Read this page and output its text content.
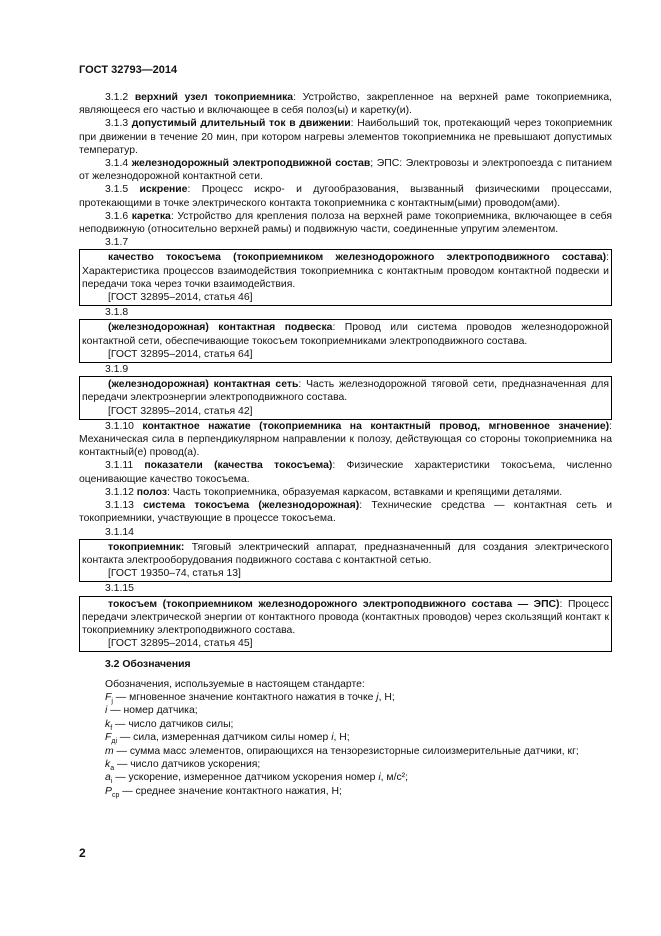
ГОСТ 32793—2014

3.1.2 верхний узел токоприемника: Устройство, закрепленное на верхней раме токоприемника, являющееся его частью и включающее в себя полоз(ы) и каретку(и).

3.1.3 допустимый длительный ток в движении: Наибольший ток, протекающий через токоприемник при движении в течение 20 мин, при котором нагревы элементов токоприемника не превышают допустимых температур.

3.1.4 железнодорожный электроподвижной состав; ЭПС: Электровозы и электропоезда с питанием от железнодорожной контактной сети.

3.1.5 искрение: Процесс искро- и дугообразования, вызванный физическими процессами, протекающими в точке электрического контакта токоприемника с контактным(ыми) проводом(ами).

3.1.6 каретка: Устройство для крепления полоза на верхней раме токоприемника, включающее в себя неподвижную (относительно верхней рамы) и подвижную части, соединенные упругим элементом.

3.1.7

качество токосъема (токоприемником железнодорожного электроподвижного состава): Характеристика процессов взаимодействия токоприемника с контактным проводом контактной подвески и передачи тока через точки взаимодействия.

[ГОСТ 32895–2014, статья 46]
3.1.8

(железнодорожная) контактная подвеска: Провод или система проводов железнодорожной контактной сети, обеспечивающие токосъем токоприемниками электроподвижного состава.

[ГОСТ 32895–2014, статья 64]
3.1.9

(железнодорожная) контактная сеть: Часть железнодорожной тяговой сети, предназначенная для передачи электроэнергии электроподвижного состава.

[ГОСТ 32895–2014, статья 42]

3.1.10 контактное нажатие (токоприемника на контактный провод, мгновенное значение): Механическая сила в перпендикулярном направлении к полозу, действующая со стороны токоприемника на контактный(е) провод(а).

3.1.11 показатели (качества токосъема): Физические характеристики токосъема, численно оценивающие качество токосъема.

3.1.12 полоз: Часть токоприемника, образуемая каркасом, вставками и крепящими деталями.

3.1.13 система токосъема (железнодорожная): Технические средства — контактная сеть и токоприемники, участвующие в процессе токосъема.

3.1.14

токоприемник: Тяговый электрический аппарат, предназначенный для создания электрического контакта электрооборудования подвижного состава с контактной сетью.

[ГОСТ 19350–74, статья 13]
3.1.15

токосъем (токоприемником железнодорожного электроподвижного состава — ЭПС): Процесс передачи электрической энергии от контактного провода (контактных проводов) через скользящий контакт к токоприемнику электроподвижного состава.

[ГОСТ 32895–2014, статья 45]
3.2 Обозначения
Обозначения, используемые в настоящем стандарте:
$F_j$ — мгновенное значение контактного нажатия в точке j, Н;
i — номер датчика;
$k_f$ — число датчиков силы;
$F_{дi}$ — сила, измеренная датчиком силы номер i, Н;
m — сумма масс элементов, опирающихся на тензорезисторные силоизмерительные датчики, кг;
$k_a$ — число датчиков ускорения;
$a_i$ — ускорение, измеренное датчиком ускорения номер i, м/с²;
$P_{ср}$ — среднее значение контактного нажатия, Н;
2
